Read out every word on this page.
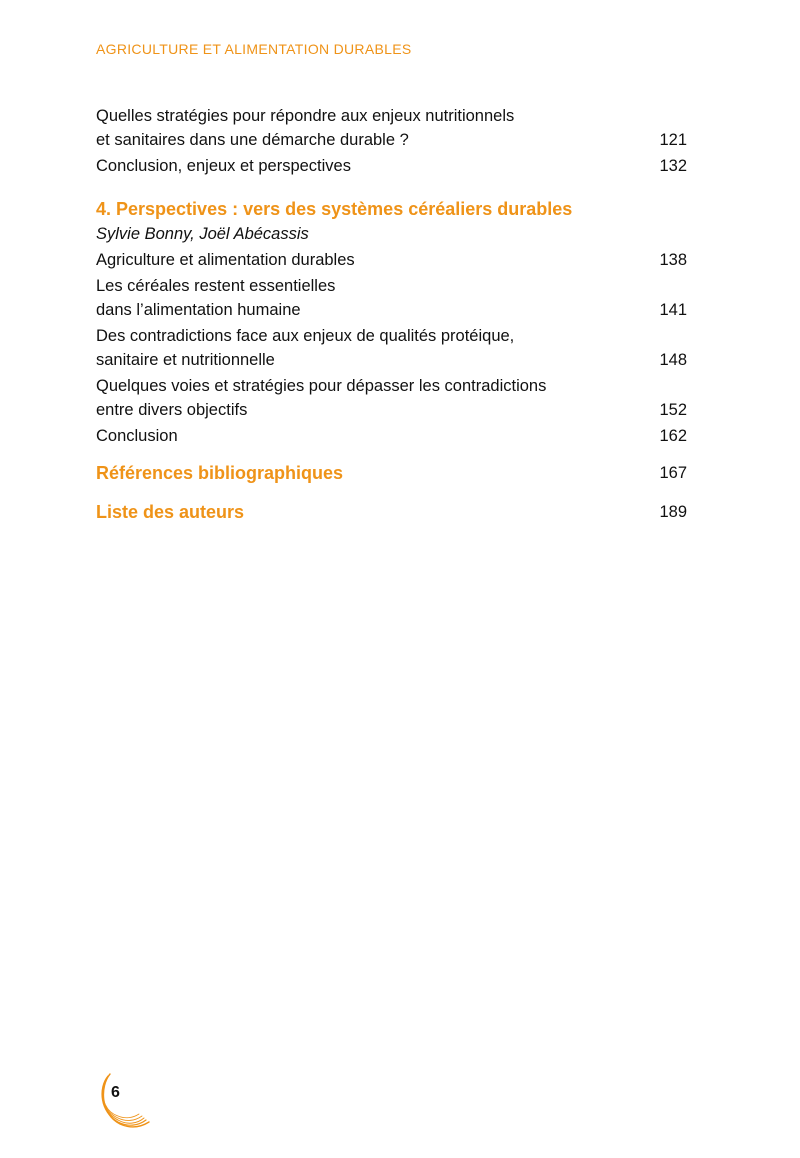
AGRICULTURE ET ALIMENTATION DURABLES
Quelles stratégies pour répondre aux enjeux nutritionnels
et sanitaires dans une démarche durable ?	121
Conclusion, enjeux et perspectives	132
4. Perspectives : vers des systèmes céréaliers durables
Sylvie Bonny, Joël Abécassis
Agriculture et alimentation durables	138
Les céréales restent essentielles
dans l’alimentation humaine	141
Des contradictions face aux enjeux de qualités protéique,
sanitaire et nutritionnelle	148
Quelques voies et stratégies pour dépasser les contradictions
entre divers objectifs	152
Conclusion	162
Références bibliographiques	167
Liste des auteurs	189
6
